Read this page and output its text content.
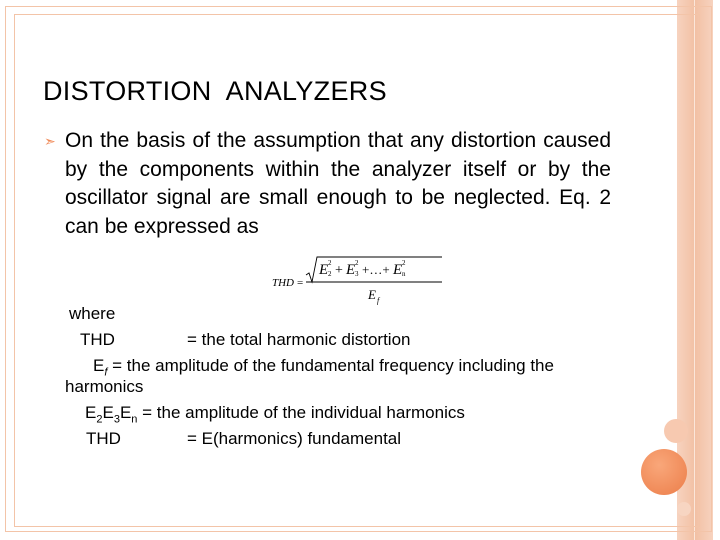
DISTORTION  ANALYZERS
➣ On the basis of the assumption that any distortion caused by the components within the analyzer itself or by the oscillator signal are small enough to be neglected. Eq. 2 can be expressed as
THD =
E 2
2 + E 2
3 +…+ E 2
n
E f
where
THD	= the total harmonic distortion
$E_f$ = the amplitude of the fundamental frequency including the
harmonics
$E_2E_3E_n$ = the amplitude of the individual harmonics
THD	= E(harmonics) fundamental
